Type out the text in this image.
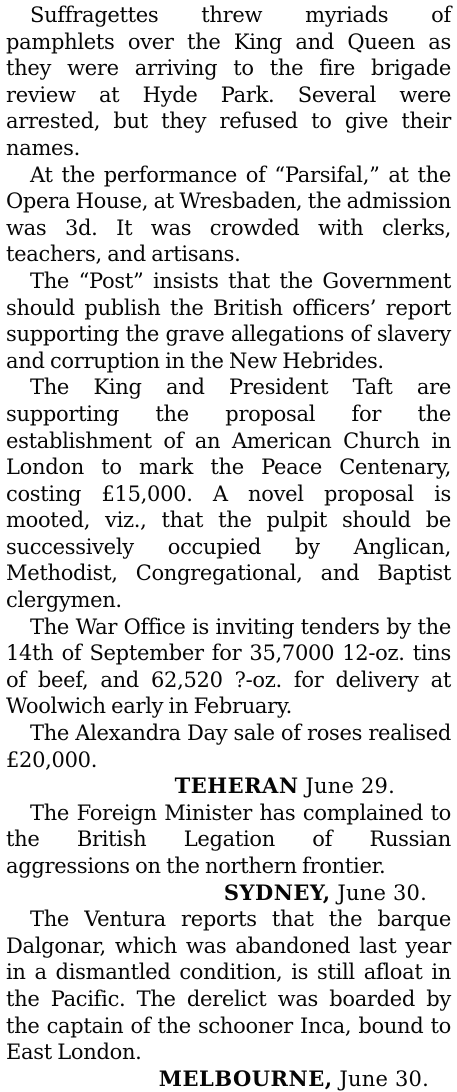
Suffragettes threw myriads of pamphlets over the King and Queen as they were arriving to the fire brigade review at Hyde Park. Several were arrested, but they refused to give their names.

At the performance of “Parsifal,” at the Opera House, at Wresbaden, the admission was 3d. It was crowded with clerks, teachers, and artisans.

The “Post” insists that the Government should publish the British officers’ report supporting the grave allegations of slavery and corruption in the New Hebrides.

The King and President Taft are supporting the proposal for the establishment of an American Church in London to mark the Peace Centenary, costing £15,000. A novel proposal is mooted, viz., that the pulpit should be successively occupied by Anglican, Methodist, Congregational, and Baptist clergymen.

The War Office is inviting tenders by the 14th of September for 35,7000 12-oz. tins of beef, and 62,520 ?-oz. for delivery at Woolwich early in February.

The Alexandra Day sale of roses realised £20,000.

TEHERAN June 29.

The Foreign Minister has complained to the British Legation of Russian aggressions on the northern frontier.

SYDNEY, June 30.

The Ventura reports that the barque Dalgonar, which was abandoned last year in a dismantled condition, is still afloat in the Pacific. The derelict was boarded by the captain of the schooner Inca, bound to East London.

MELBOURNE, June 30.
